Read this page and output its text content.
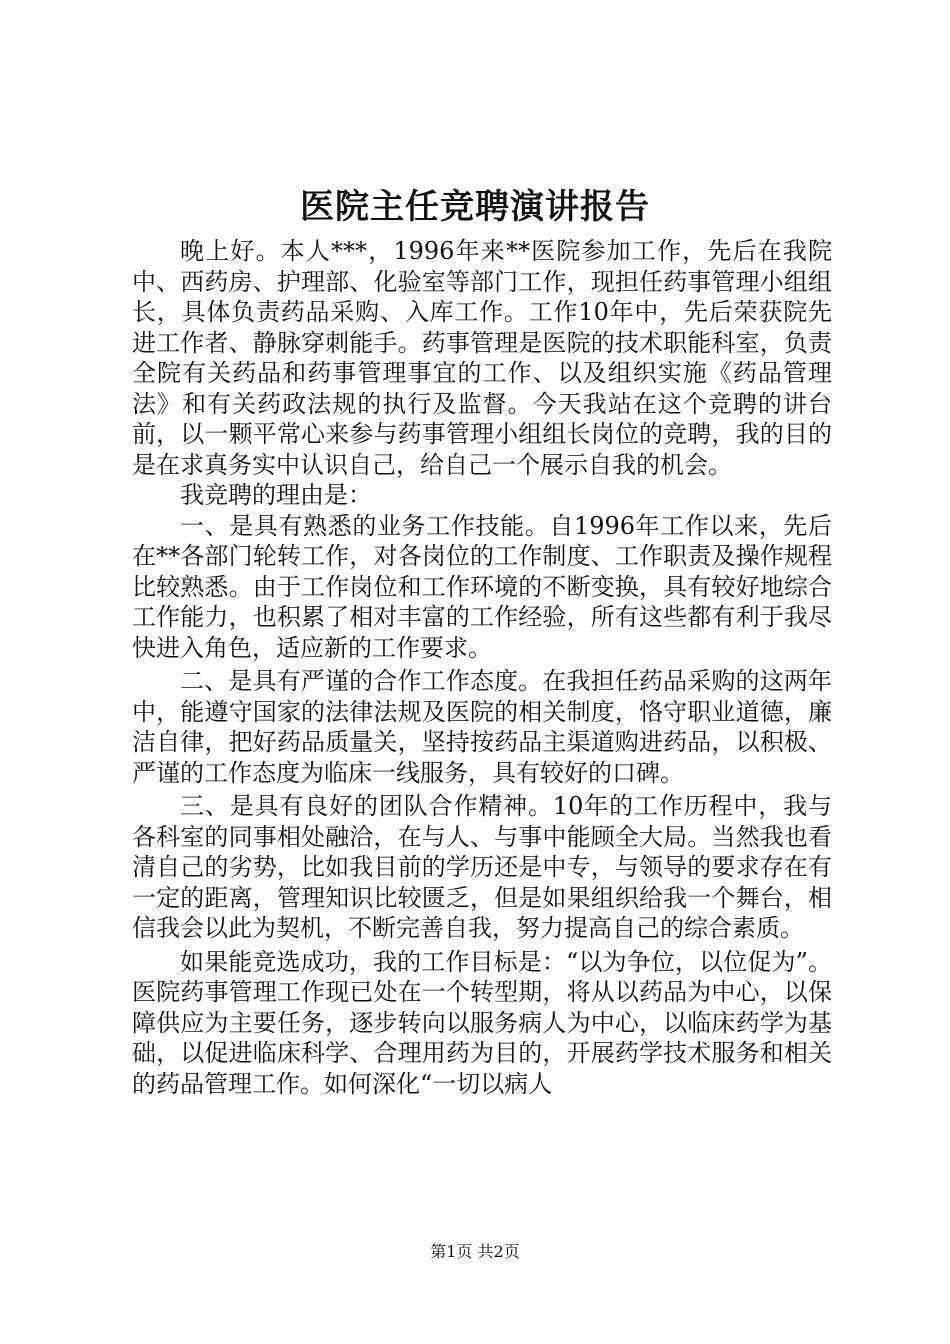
医院主任竞聘演讲报告

晚上好。本人***，1996年来**医院参加工作，先后在我院中、西药房、护理部、化验室等部门工作，现担任药事管理小组组长，具体负责药品采购、入库工作。工作10年中，先后荣获院先进工作者、静脉穿刺能手。药事管理是医院的技术职能科室，负责全院有关药品和药事管理事宜的工作、以及组织实施《药品管理法》和有关药政法规的执行及监督。今天我站在这个竞聘的讲台前，以一颗平常心来参与药事管理小组组长岗位的竞聘，我的目的是在求真务实中认识自己，给自己一个展示自我的机会。

我竞聘的理由是：

一、是具有熟悉的业务工作技能。自1996年工作以来，先后在**各部门轮转工作，对各岗位的工作制度、工作职责及操作规程比较熟悉。由于工作岗位和工作环境的不断变换，具有较好地综合工作能力，也积累了相对丰富的工作经验，所有这些都有利于我尽快进入角色，适应新的工作要求。

二、是具有严谨的合作工作态度。在我担任药品采购的这两年中，能遵守国家的法律法规及医院的相关制度，恪守职业道德，廉洁自律，把好药品质量关，坚持按药品主渠道购进药品，以积极、严谨的工作态度为临床一线服务，具有较好的口碑。

三、是具有良好的团队合作精神。10年的工作历程中，我与各科室的同事相处融洽，在与人、与事中能顾全大局。当然我也看清自己的劣势，比如我目前的学历还是中专，与领导的要求存在有一定的距离，管理知识比较匮乏，但是如果组织给我一个舞台，相信我会以此为契机，不断完善自我，努力提高自己的综合素质。

如果能竞选成功，我的工作目标是：“以为争位，以位促为”。医院药事管理工作现已处在一个转型期，将从以药品为中心，以保障供应为主要任务，逐步转向以服务病人为中心，以临床药学为基础，以促进临床科学、合理用药为目的，开展药学技术服务和相关的药品管理工作。如何深化“一切以病人

第1页 共2页
